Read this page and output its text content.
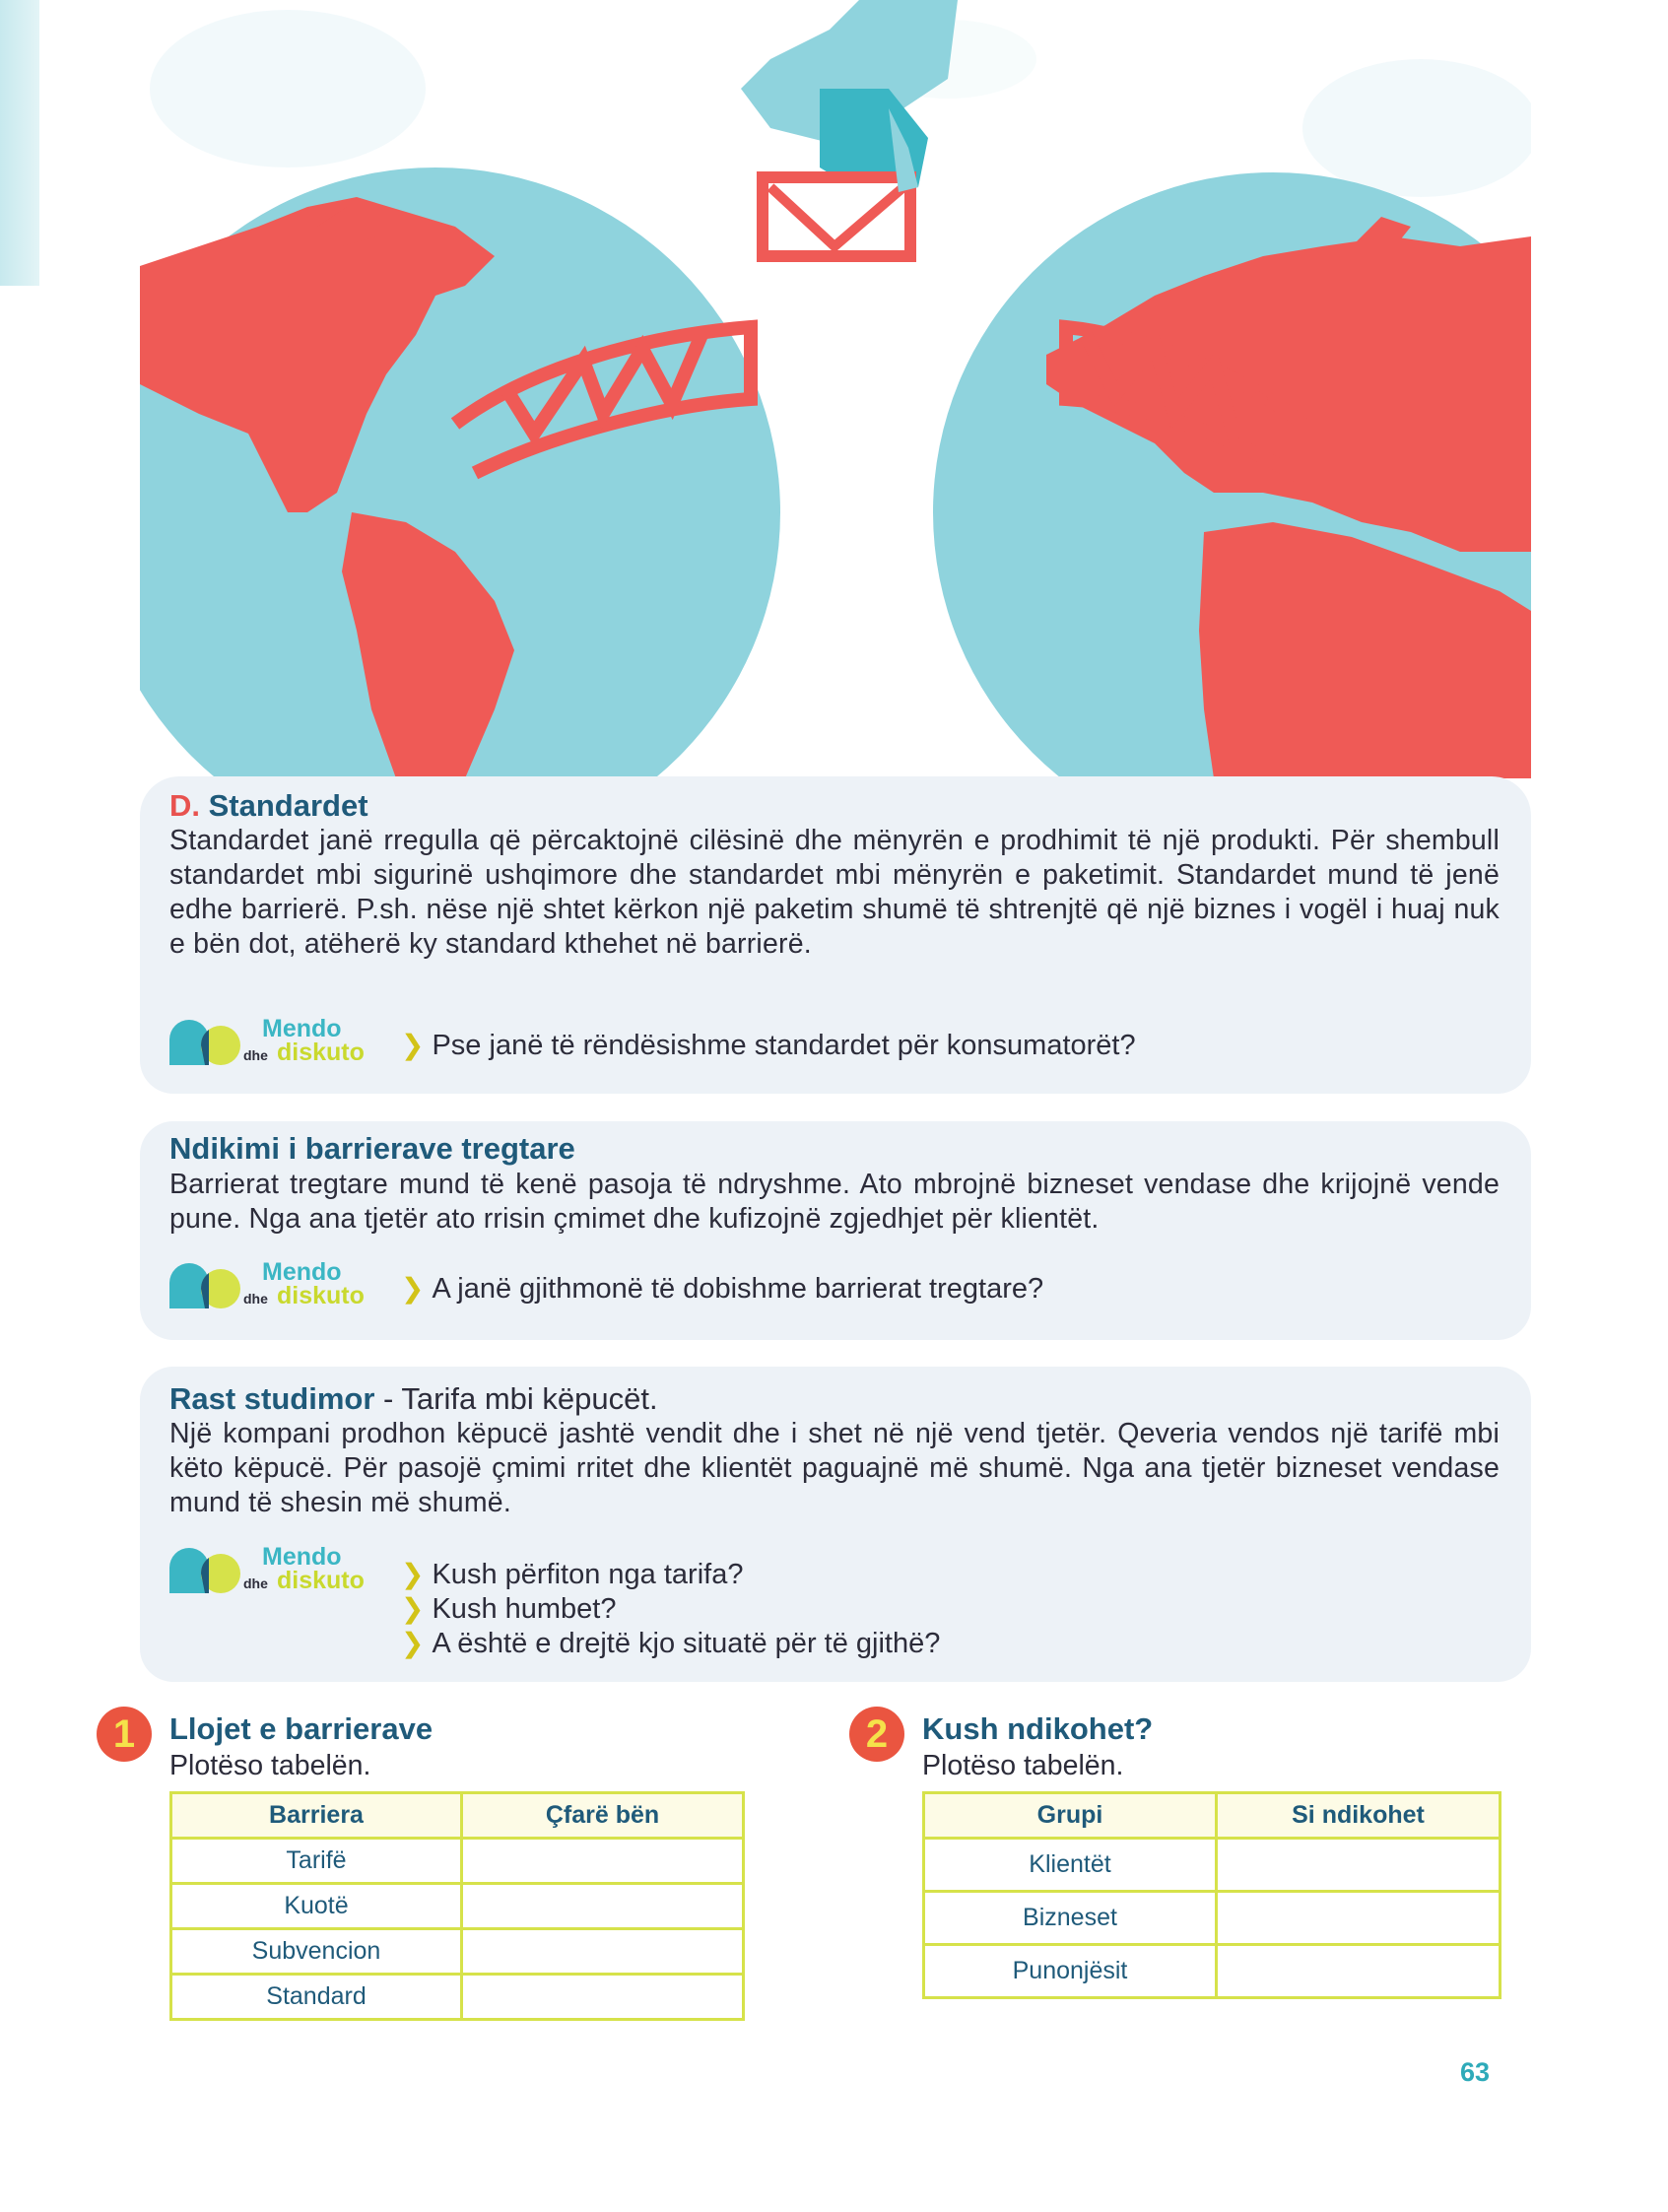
D. Standardet
Standardet janë rregulla që përcaktojnë cilësinë dhe mënyrën e prodhimit të një produkti. Për shembull standardet mbi sigurinë ushqimore dhe standardet mbi mënyrën e paketimit. Standardet mund të jenë edhe barrierë. P.sh. nëse një shtet kërkon një paketim shumë të shtrenjtë që një biznes i vogël i huaj nuk e bën dot, atëherë ky standard kthehet në barrierë.
Mendo
dhe diskuto ❯ Pse janë të rëndësishme standardet për konsumatorët?
Ndikimi i barrierave tregtare
Barrierat tregtare mund të kenë pasoja të ndryshme. Ato mbrojnë bizneset vendase dhe krijojnë vende pune. Nga ana tjetër ato rrisin çmimet dhe kufizojnë zgjedhjet për klientët.
Mendo
dhe diskuto ❯ A janë gjithmonë të dobishme barrierat tregtare?
Rast studimor - Tarifa mbi këpucët.
Një kompani prodhon këpucë jashtë vendit dhe i shet në një vend tjetër. Qeveria vendos një tarifë mbi këto këpucë. Për pasojë çmimi rritet dhe klientët paguajnë më shumë. Nga ana tjetër bizneset vendase mund të shesin më shumë.
Mendo
dhe diskuto ❯ Kush përfiton nga tarifa?
❯ Kush humbet?
❯ A është e drejtë kjo situatë për të gjithë?
1	Llojet e barrierave
Plotëso tabelën.
Barriera	Çfarë bën
Tarifë	
Kuotë	
Subvencion	
Standard	
2	Kush ndikohet?
Plotëso tabelën.
Grupi	Si ndikohet
Klientët	
Bizneset	
Punonjësit	
63
